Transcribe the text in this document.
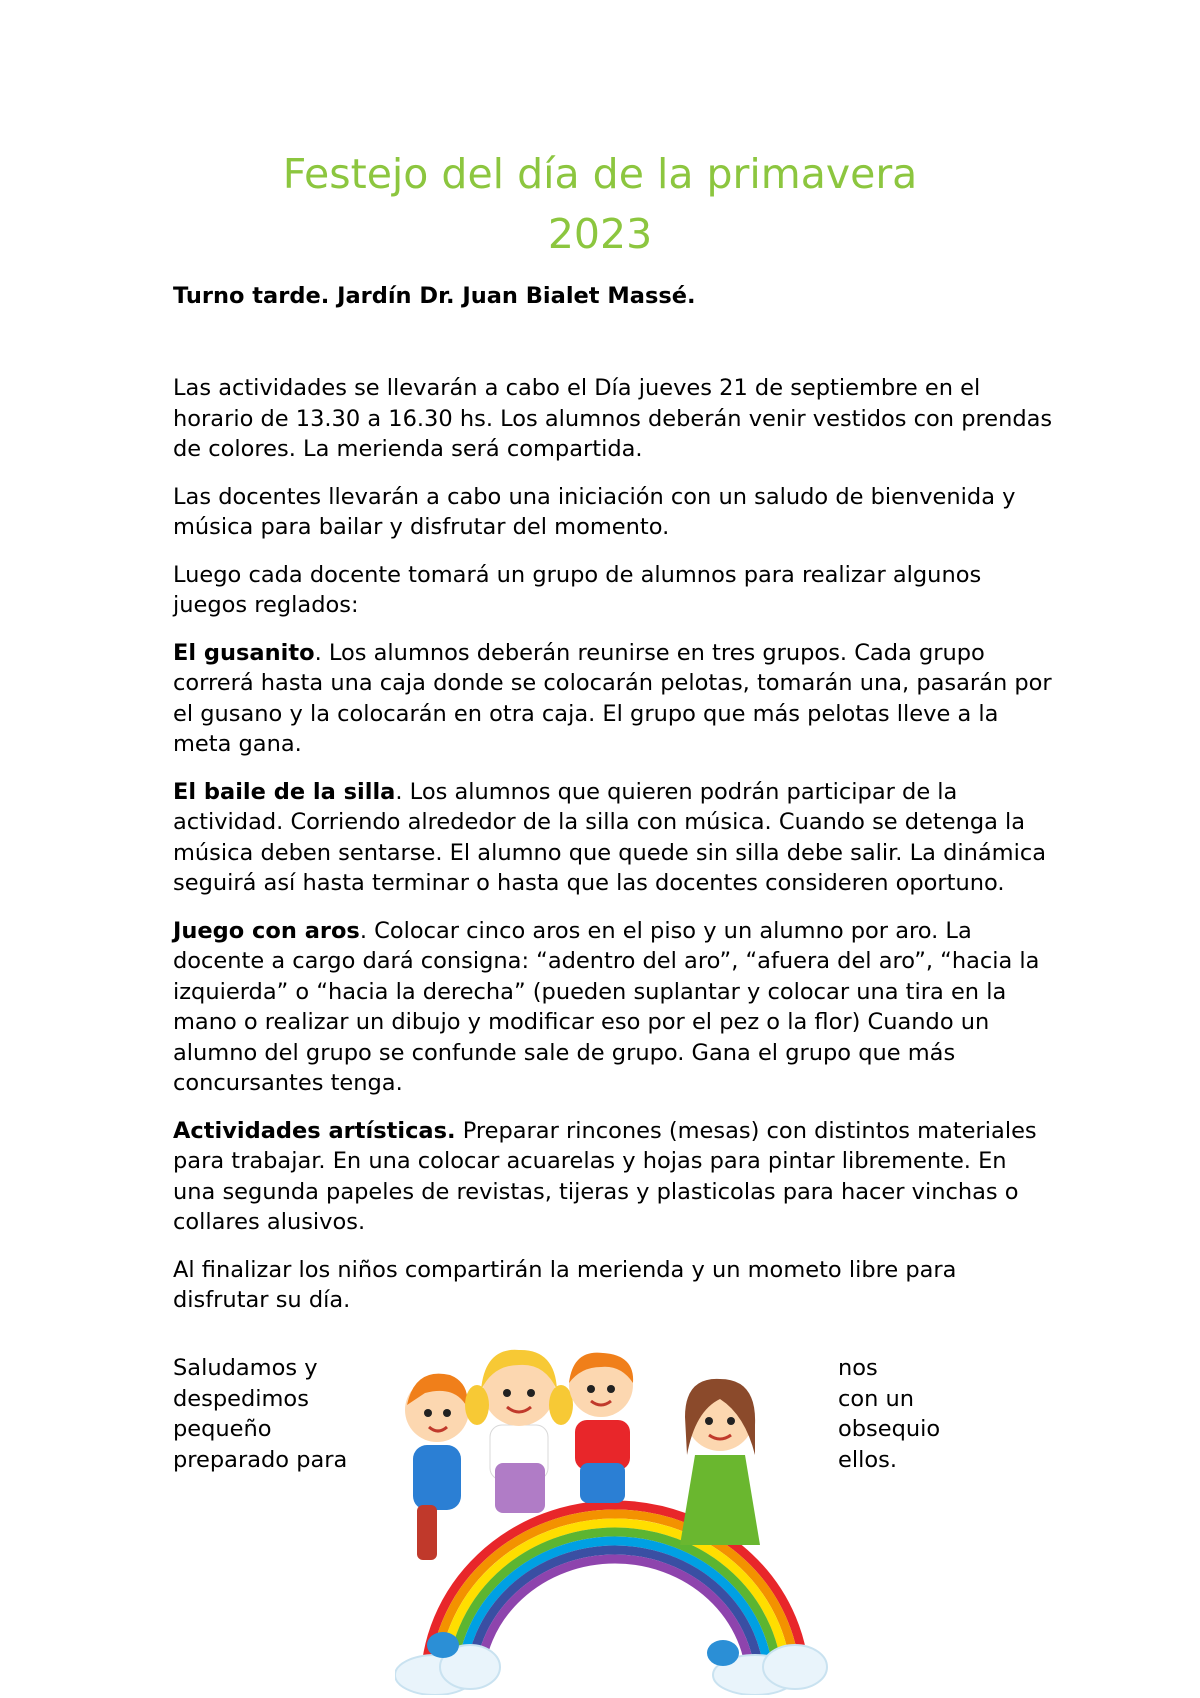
Festejo del día de la primavera
2023
Turno tarde. Jardín Dr. Juan Bialet Massé.

Las actividades se llevarán a cabo el Día jueves 21 de septiembre en el horario de 13.30 a 16.30 hs. Los alumnos deberán venir vestidos con prendas de colores. La merienda será compartida.

Las docentes llevarán a cabo una iniciación con un saludo de bienvenida y música para bailar y disfrutar del momento.

Luego cada docente tomará un grupo de alumnos para realizar algunos juegos reglados:

El gusanito. Los alumnos deberán reunirse en tres grupos. Cada grupo correrá hasta una caja donde se colocarán pelotas, tomarán una, pasarán por el gusano y la colocarán en otra caja. El grupo que más pelotas lleve a la meta gana.

El baile de la silla. Los alumnos que quieren podrán participar de la actividad. Corriendo alrededor de la silla con música. Cuando se detenga la música deben sentarse. El alumno que quede sin silla debe salir. La dinámica seguirá así hasta terminar o hasta que las docentes consideren oportuno.

Juego con aros. Colocar cinco aros en el piso y un alumno por aro. La docente a cargo dará consigna: “adentro del aro”, “afuera del aro”, “hacia la izquierda” o “hacia la derecha” (pueden suplantar y colocar una tira en la mano o realizar un dibujo y modificar eso por el pez o la flor) Cuando un alumno del grupo se confunde sale de grupo. Gana el grupo que más concursantes tenga.

Actividades artísticas. Preparar rincones (mesas) con distintos materiales para trabajar. En una colocar acuarelas y hojas para pintar libremente. En una segunda papeles de revistas, tijeras y plasticolas para hacer vinchas o collares alusivos.

Al finalizar los niños compartirán la merienda y un mometo libre para disfrutar su día.

Saludamos y
despedimos
pequeño
preparado para
nos
con un
obsequio
ellos.
